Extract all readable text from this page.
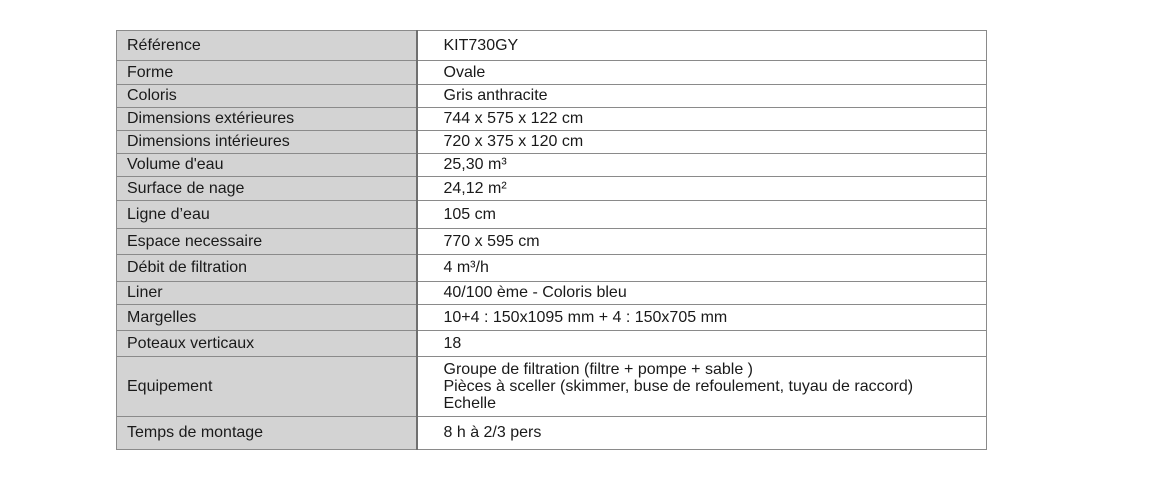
Référence	KIT730GY
Forme	Ovale
Coloris	Gris anthracite
Dimensions extérieures	744 x 575 x 122 cm
Dimensions intérieures	720 x 375 x 120 cm
Volume d'eau	25,30 m³
Surface de nage	24,12 m²
Ligne d’eau	105 cm
Espace necessaire	770 x 595 cm
Débit de filtration	4 m³/h
Liner	40/100 ème - Coloris bleu
Margelles	10+4 : 150x1095 mm + 4 : 150x705 mm
Poteaux verticaux	18
Equipement	Groupe de filtration (filtre + pompe + sable )
Pièces à sceller (skimmer, buse de refoulement, tuyau de raccord)
Echelle

Temps de montage	8 h à 2/3 pers
